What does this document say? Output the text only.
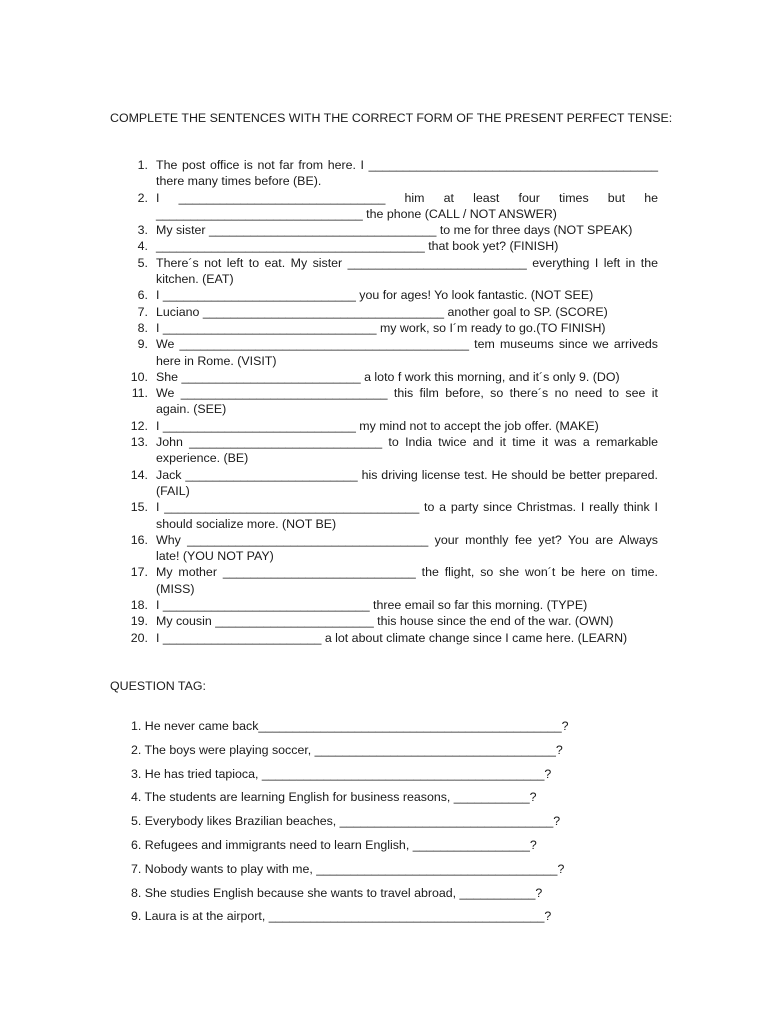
COMPLETE THE SENTENCES WITH THE CORRECT FORM OF THE PRESENT PERFECT TENSE:
1. The post office is not far from here. I __________________________________________ there many times before (BE).
2. I ______________________________ him at least four times but he ______________________________ the phone (CALL / NOT ANSWER)
3. My sister _________________________________ to me for three days (NOT SPEAK)
4. _______________________________________ that book yet? (FINISH)
5. There´s not left to eat. My sister __________________________ everything I left in the kitchen. (EAT)
6. I ____________________________ you for ages! Yo look fantastic. (NOT SEE)
7. Luciano ___________________________________ another goal to SP. (SCORE)
8. I _______________________________ my work, so I´m ready to go.(TO FINISH)
9. We __________________________________________ tem museums since we arriveds here in Rome. (VISIT)
10. She __________________________ a loto f work this morning, and it´s only 9. (DO)
11. We ______________________________ this film before, so there´s no need to see it again. (SEE)
12. I ____________________________ my mind not to accept the job offer. (MAKE)
13. John ____________________________ to India twice and it time it was a remarkable experience. (BE)
14. Jack _________________________ his driving license test. He should be better prepared. (FAIL)
15. I _____________________________________ to a party since Christmas. I really think I should socialize more. (NOT BE)
16. Why ___________________________________ your monthly fee yet? You are Always late! (YOU NOT PAY)
17. My mother ____________________________ the flight, so she won´t be here on time. (MISS)
18. I ______________________________ three email so far this morning. (TYPE)
19. My cousin _______________________ this house since the end of the war. (OWN)
20. I _______________________ a lot about climate change since I came here. (LEARN)
QUESTION TAG:
1. He never came back____________________________________________?
2. The boys were playing soccer, ___________________________________?
3. He has tried tapioca, _________________________________________?
4. The students are learning English for business reasons, ___________?
5. Everybody likes Brazilian beaches, _______________________________?
6. Refugees and immigrants need to learn English, _________________?
7. Nobody wants to play with me, ___________________________________?
8. She studies English because she wants to travel abroad, ___________?
9. Laura is at the airport, ________________________________________?
